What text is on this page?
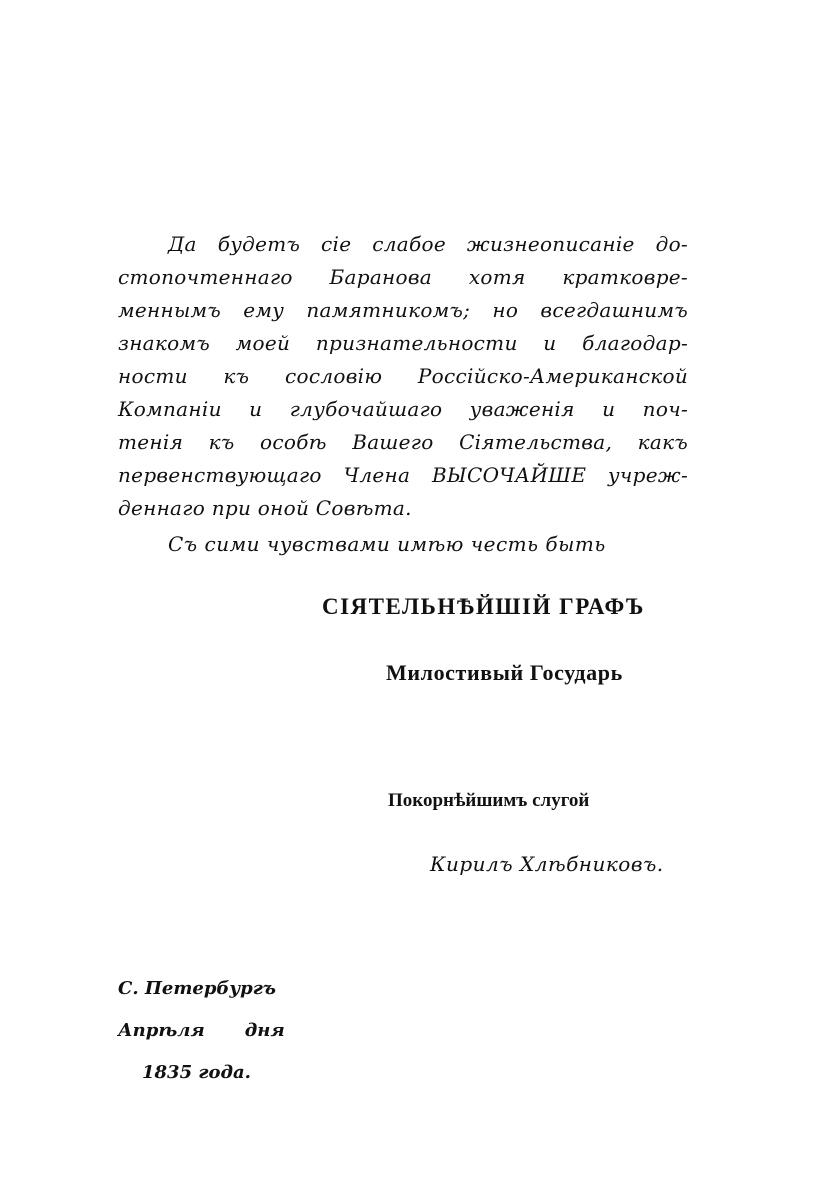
Да будетъ сіе слабое жизнеописаніе до-
стопочтеннаго Баранова хотя кратковре-
меннымъ ему памятникомъ; но всегдашнимъ
знакомъ моей признательности и благодар-
ности къ сословію Россійско-Американской
Компаніи и глубочайшаго уваженія и поч-
тенія къ особѣ Вашего Сіятельства, какъ
первенствующаго Члена ВЫСОЧАЙШЕ учреж-
деннаго при оной Совѣта.
Съ сими чувствами имѣю честь быть
СІЯТЕЛЬНѢЙШІЙ ГРАФЪ
Милостивый Государь
Покорнѣйшимъ слугой
Кирилъ Хлѣбниковъ.
С. Петербургъ
Апрѣля дня
1835 года.
